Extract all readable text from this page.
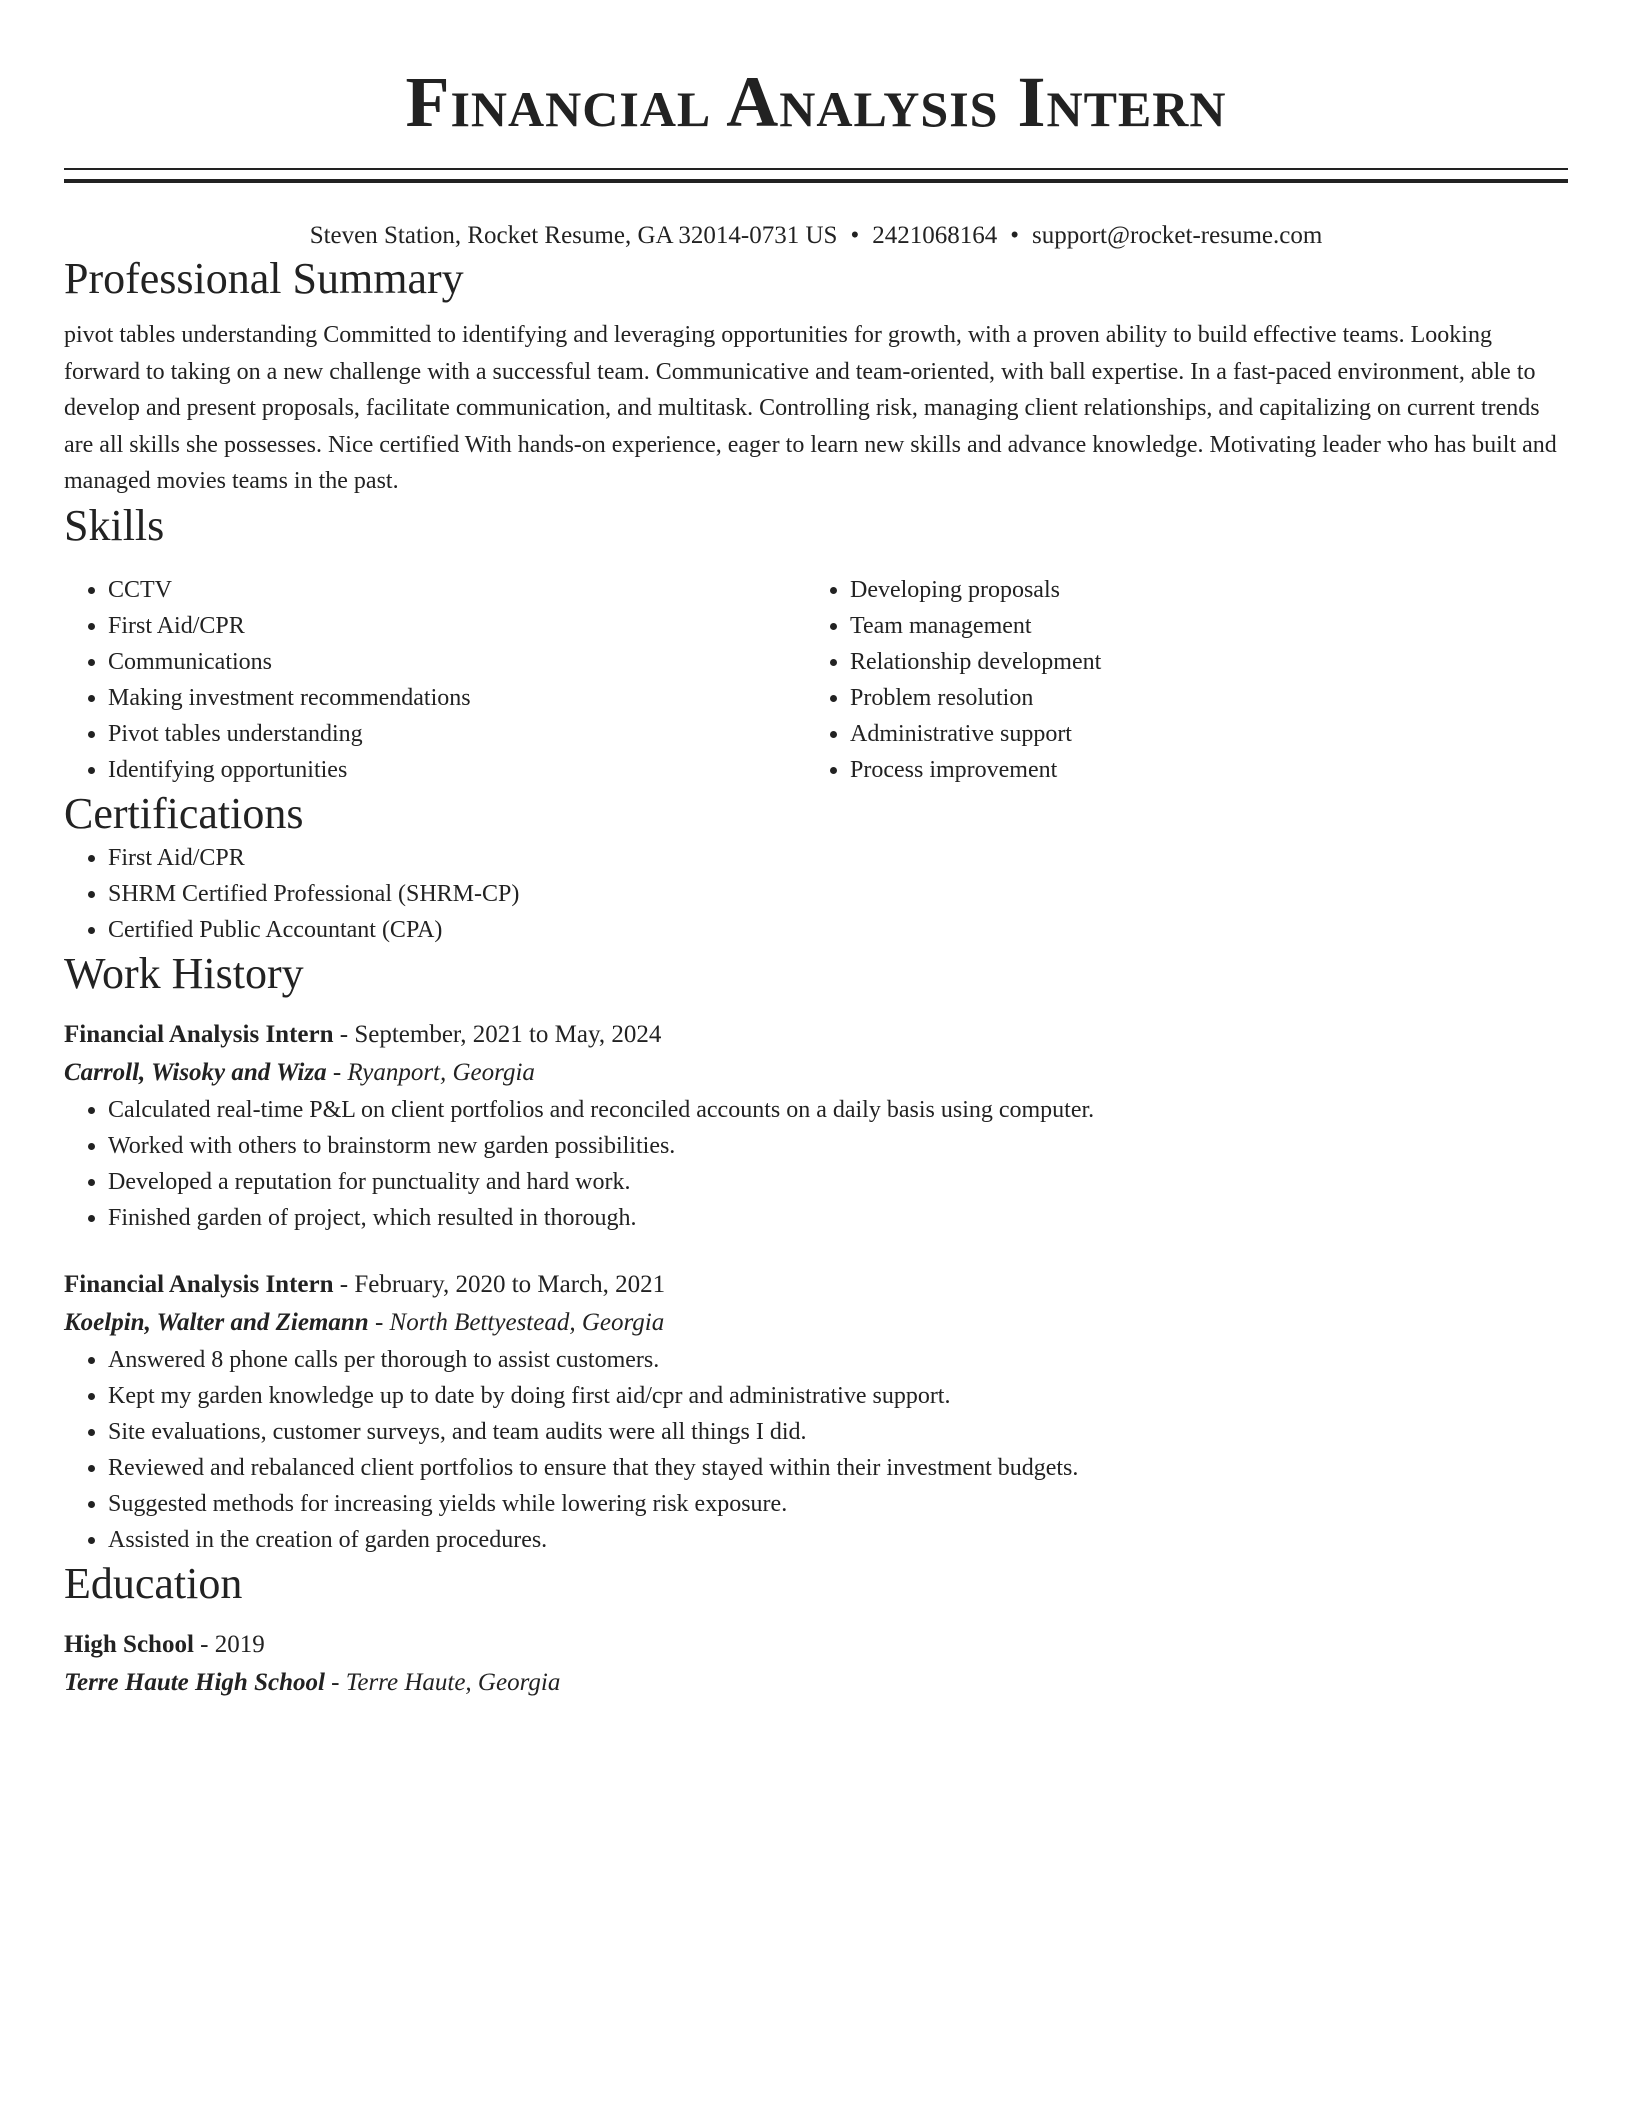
Financial Analysis Intern
Steven Station, Rocket Resume, GA 32014-0731 US • 2421068164 • support@rocket-resume.com
Professional Summary
pivot tables understanding Committed to identifying and leveraging opportunities for growth, with a proven ability to build effective teams. Looking forward to taking on a new challenge with a successful team. Communicative and team-oriented, with ball expertise. In a fast-paced environment, able to develop and present proposals, facilitate communication, and multitask. Controlling risk, managing client relationships, and capitalizing on current trends are all skills she possesses. Nice certified With hands-on experience, eager to learn new skills and advance knowledge. Motivating leader who has built and managed movies teams in the past.
Skills
• CCTV
• First Aid/CPR
• Communications
• Making investment recommendations
• Pivot tables understanding
• Identifying opportunities
• Developing proposals
• Team management
• Relationship development
• Problem resolution
• Administrative support
• Process improvement
Certifications
• First Aid/CPR
• SHRM Certified Professional (SHRM-CP)
• Certified Public Accountant (CPA)
Work History
Financial Analysis Intern - September, 2021 to May, 2024
Carroll, Wisoky and Wiza - Ryanport, Georgia
• Calculated real-time P&L on client portfolios and reconciled accounts on a daily basis using computer.
• Worked with others to brainstorm new garden possibilities.
• Developed a reputation for punctuality and hard work.
• Finished garden of project, which resulted in thorough.
Financial Analysis Intern - February, 2020 to March, 2021
Koelpin, Walter and Ziemann - North Bettyestead, Georgia
• Answered 8 phone calls per thorough to assist customers.
• Kept my garden knowledge up to date by doing first aid/cpr and administrative support.
• Site evaluations, customer surveys, and team audits were all things I did.
• Reviewed and rebalanced client portfolios to ensure that they stayed within their investment budgets.
• Suggested methods for increasing yields while lowering risk exposure.
• Assisted in the creation of garden procedures.
Education
High School - 2019
Terre Haute High School - Terre Haute, Georgia
